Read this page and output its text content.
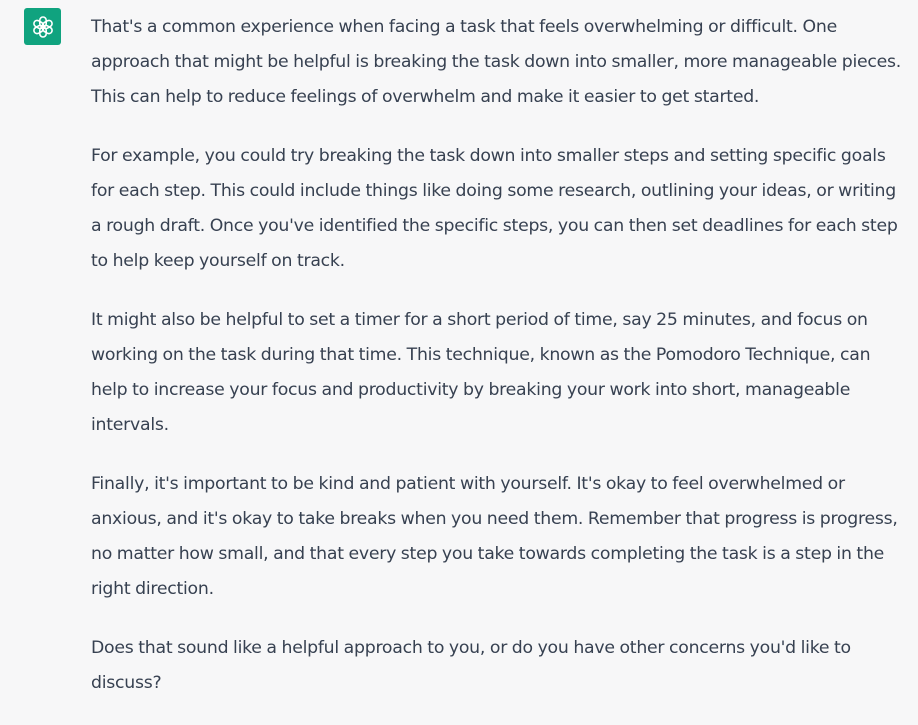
That's a common experience when facing a task that feels overwhelming or difficult. One approach that might be helpful is breaking the task down into smaller, more manageable pieces. This can help to reduce feelings of overwhelm and make it easier to get started.

For example, you could try breaking the task down into smaller steps and setting specific goals for each step. This could include things like doing some research, outlining your ideas, or writing a rough draft. Once you've identified the specific steps, you can then set deadlines for each step to help keep yourself on track.

It might also be helpful to set a timer for a short period of time, say 25 minutes, and focus on working on the task during that time. This technique, known as the Pomodoro Technique, can help to increase your focus and productivity by breaking your work into short, manageable intervals.

Finally, it's important to be kind and patient with yourself. It's okay to feel overwhelmed or anxious, and it's okay to take breaks when you need them. Remember that progress is progress, no matter how small, and that every step you take towards completing the task is a step in the right direction.

Does that sound like a helpful approach to you, or do you have other concerns you'd like to discuss?
